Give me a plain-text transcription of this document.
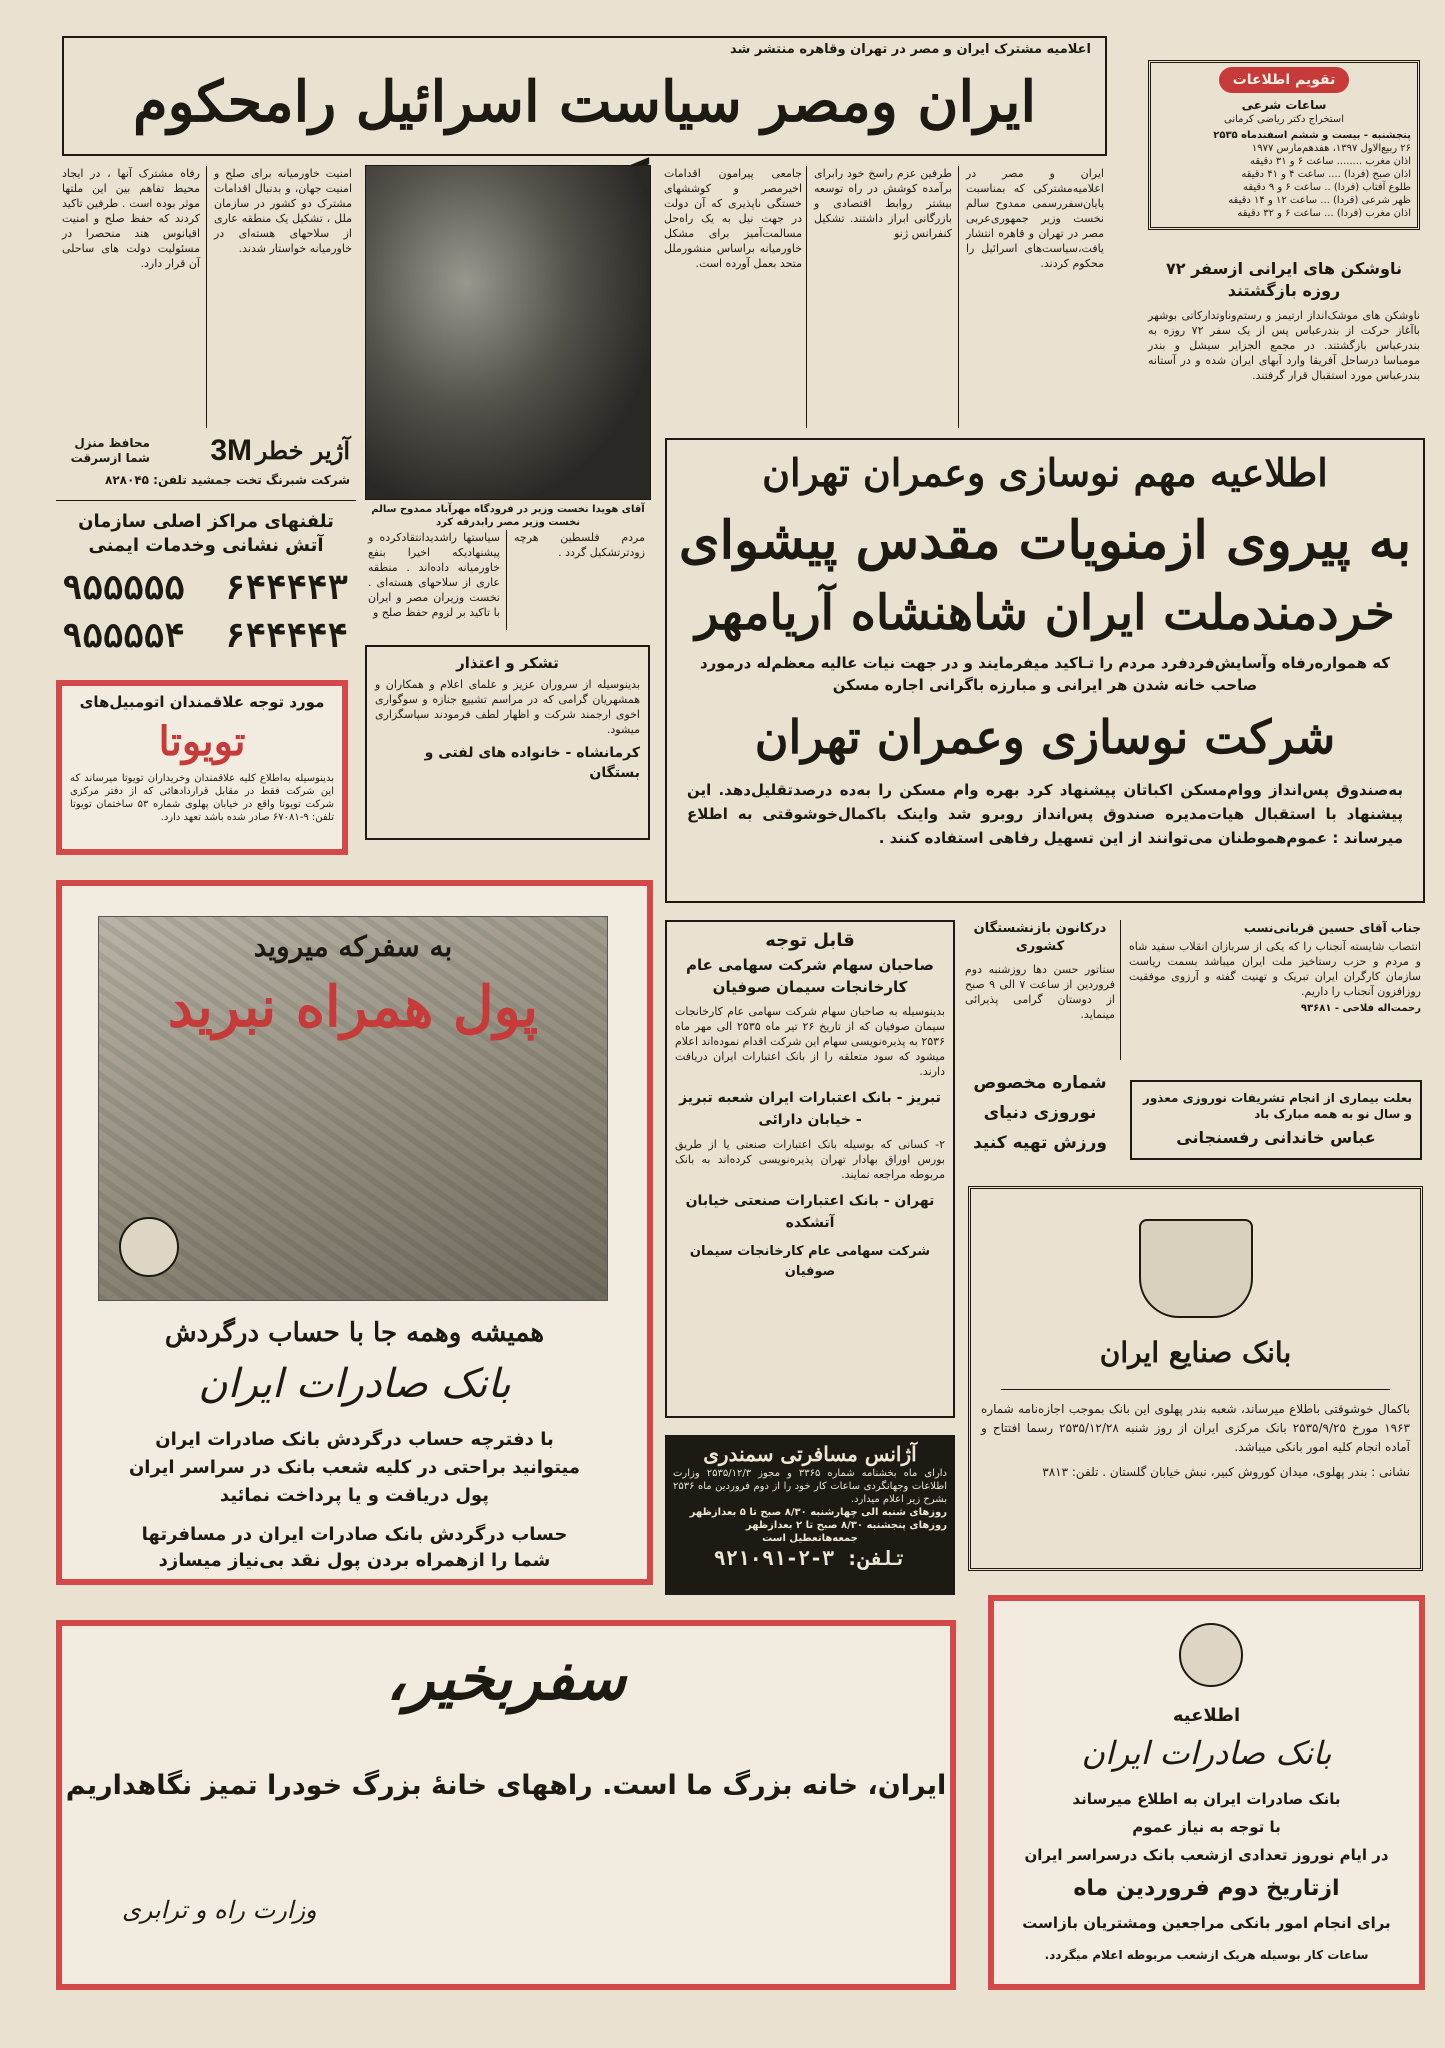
اعلامیه مشترک ایران و مصر در تهران وقاهره منتشر شد
ایران ومصر سیاست اسرائیل رامحکوم	تقویم اطلاعات
ساعات شرعی
استخراج دکتر ریاضی کرمانی
پنجشنبه - بیست و ششم اسفندماه ۲۵۳۵
۲۶ ربیع‌الاول ۱۳۹۷، هفدهم‌مارس ۱۹۷۷
اذان مغرب ........ ساعت ۶ و ۳۱ دقیقه
اذان صبح (فردا) .... ساعت ۴ و ۴۱ دقیقه
طلوع آفتاب (فردا) .. ساعت ۶ و ۹ دقیقه
ظهر شرعی (فردا) ... ساعت ۱۲ و ۱۴ دقیقه
اذان مغرب (فردا) ... ساعت ۶ و ۳۲ دقیقه
ناوشکن های ایرانی ازسفر ۷۲ روزه بازگشتند

ناوشکن های موشک‌انداز ارتیمز و رستم‌وناوتدارکاتی بوشهر باآغاز حرکت از بندرعباس پس از یک سفر ۷۲ روزه به بندرعباس بازگشتند. در مجمع الجزایر سیشل و بندر مومباسا درساحل آفریقا وارد آبهای ایران شده و در آستانه بندرعباس مورد استقبال قرار گرفتند.

ایران و مصر در اعلامیه‌مشترکی که بمناسبت پایان‌سفررسمی ممدوح سالم نخست وزیر جمهوری‌عربی مصر در تهران و قاهره انتشار یافت‌،سیاست‌های اسرائیل را محکوم کردند.

طرفین عزم راسخ خود رابرای برآمده کوشش در راه توسعه بیشتر روابط اقتصادی و بازرگانی ابراز داشتند. تشکیل کنفرانس ژنو

جامعی پیرامون اقدامات اخیرمصر و کوششهای خستگی ناپذیری که آن دولت در جهت نیل به یک راه‌حل مسالمت‌آمیز برای مشکل خاورمیانه براساس منشورملل متحد بعمل آورده است.

امنیت خاورمیانه برای صلح و امنیت جهان، و بدنبال اقدامات مشترک دو کشور در سازمان ملل ، تشکیل یک منطقه عاری از سلاحهای هسته‌ای در خاورمیانه خواستار شدند.

رفاه مشترک آنها ، در ایجاد محیط تفاهم بین این ملتها موثر بوده است . طرفین تاکید کردند که حفظ صلح و امنیت اقیانوس هند منحصرا در مسئولیت دولت های ساحلی آن قرار دارد.

آقای هویدا نخست وزیر در فرودگاه مهرآباد ممدوح سالم نخست وزیر مصر رابدرقه کرد
3M آژیر خطر
محافظ منزل شما ازسرقت
شرکت شبرنگ تخت جمشید تلفن: ۸۲۸۰۴۵
تلفنهای مراکز اصلی سازمان
آتش نشانی وخدمات ایمنی
۶۴۴۴۴۳
۹۵۵۵۵۵
۶۴۴۴۴۴
۹۵۵۵۵۴
مورد توجه علاقمندان اتومبیل‌های
تویوتا

بدینوسیله به‌اطلاع کلیه علاقمندان وخریداران تویوتا میرساند که این شرکت فقط در مقابل قراردادهائی که از دفتر مرکزی شرکت تویوتا واقع در خیابان پهلوی شماره ۵۳ ساختمان تویوتا تلفن: ۹-۶۷۰۸۱ صادر شده باشد تعهد دارد.

مردم فلسطین هرچه زودترتشکیل گردد .

سیاستها راشدیدانتقادکرده و پیشنهادیکه اخیرا بنفع خاورمیانه داده‌اند . منطقه عاری از سلاحهای هسته‌ای . نخست وزیران مصر و ایران با تاکید بر لزوم حفظ صلح و

تشکر و اعتذار

بدینوسیله از سروران عزیز و علمای اعلام و همکاران و همشهریان گرامی که در مراسم تشییع جنازه و سوگواری اخوی ارجمند شرکت و اظهار لطف فرمودند سپاسگزاری میشود.

کرمانشاه - خانواده های لفتی و بستگان
اطلاعیه مهم نوسازی وعمران تهران
به پیروی ازمنویات مقدس پیشوای
خردمندملت ایران شاهنشاه آریامهر
که همواره‌رفاه وآسایش‌فردفرد مردم را تـاکید میفرمایند و در جهت نیات عالیه معظم‌له درمورد صاحب خانه شدن هر ایرانی و مبارزه باگرانی اجاره مسکن
شرکت نوسازی وعمران تهران
به‌صندوق پس‌انداز ووام‌مسکن اکباتان پیشنهاد کرد بهره وام مسکن را به‌ده درصدتقلیل‌دهد. این پیشنهاد با استقبال هیات‌مدیره صندوق پس‌انداز روبرو شد واینک باکمال‌خوشوقتی به اطلاع میرساند : عموم‌هموطنان می‌توانند از این تسهیل رفاهی استفاده کنند .
به سفرکه میروید
پول همراه نبرید
همیشه وهمه جا با حساب درگردش
بانک صادرات ایران
با دفترچه حساب درگردش بانک صادرات ایران
میتوانید براحتی در کلیه شعب بانک در سراسر ایران
پول دریافت و یا پرداخت نمائید
حساب درگردش بانک صادرات ایران در مسافرتها
شما را ازهمراه بردن پول نقد بی‌نیاز میسازد
قابل توجه
صاحبان سهام شرکت سهامی عام کارخانجات سیمان صوفیان

بدینوسیله به صاحبان سهام شرکت سهامی عام کارخانجات سیمان صوفیان که از تاریخ ۲۶ تیر ماه ۲۵۳۵ الی مهر ماه ۲۵۳۶ به پذیره‌نویسی سهام این شرکت اقدام نموده‌اند اعلام میشود که سود متعلقه را از بانک اعتبارات ایران دریافت دارند.

تبریز - بانک اعتبارات ایران شعبه تبریز - خیابان دارائی

۲- کسانی که بوسیله بانک اعتبارات صنعتی یا از طریق بورس اوراق بهادار تهران پذیره‌نویسی کرده‌اند به بانک مربوطه مراجعه نمایند.

تهران - بانک اعتبارات صنعتی خیابان آتشکده
شرکت سهامی عام کارخانجات سیمان صوفیان
درکانون بازنشستگان کشوری

سناتور حسن دها روزشنبه دوم فروردین از ساعت ۷ الی ۹ صبح از دوستان گرامی پذیرائی مینماید.

جناب آقای حسین قربانی‌نسب

انتصاب شایسته آنجناب را که یکی از سربازان انقلاب سفید شاه و مردم و حزب رستاخیز ملت ایران میباشد بسمت ریاست سازمان کارگران ایران تبریک و تهنیت گفته و آرزوی موفقیت روزافزون آنجناب را داریم.

رحمت‌اله فلاحی - ۹۳۶۸۱
شماره مخصوص
نوروزی دنیای
ورزش تهیه کنید
بعلت بیماری از انجام تشریفات نوروزی معذور و سال نو به همه مبارک باد
عباس خاندانی رفسنجانی
بانک صنایع ایران

باکمال خوشوقتی باطلاع میرساند، شعبه بندر پهلوی این بانک بموجب اجازه‌نامه شماره ۱۹۶۳ مورخ ۲۵۳۵/۹/۲۵ بانک مرکزی ایران از روز شنبه ۲۵۳۵/۱۲/۲۸ رسما افتتاح و آماده انجام کلیه امور بانکی میباشد.

نشانی : بندر پهلوی، میدان کوروش کبیر، نبش خیابان گلستان . تلفن: ۳۸۱۳

آژانس مسافرتی سمندری

دارای ماه بخشنامه شماره ۳۳۶۵ و مجوز ۲۵۳۵/۱۲/۳ وزارت اطلاعات وجهانگردی ساعات کار خود را از دوم فروردین ماه ۲۵۳۶ بشرح زیر اعلام میدارد.

روزهای شنبه الی چهارشنبه ۸/۳۰ صبح تا ۵ بعدازظهر
روزهای پنجشنبه ۸/۳۰ صبح تا ۲ بعدازظهر
جمعه‌هاتعطیل است
تلفن: ۳-۲-۹۲۱۰۹۱
سفربخیر،
ایران، خانه بزرگ ما است. راههای خانهٔ بزرگ خودرا تمیز نگاهداریم
وزارت راه و ترابری
اطلاعیه
بانک صادرات ایران
بانک صادرات ایران به اطلاع میرساند
با توجه به نیاز عموم
در ایام نوروز تعدادی ازشعب بانک درسراسر ایران
ازتاریخ دوم فروردین ماه
برای انجام امور بانکی مراجعین ومشتریان بازاست
ساعات کار بوسیله هریک ازشعب مربوطه اعلام میگردد.
